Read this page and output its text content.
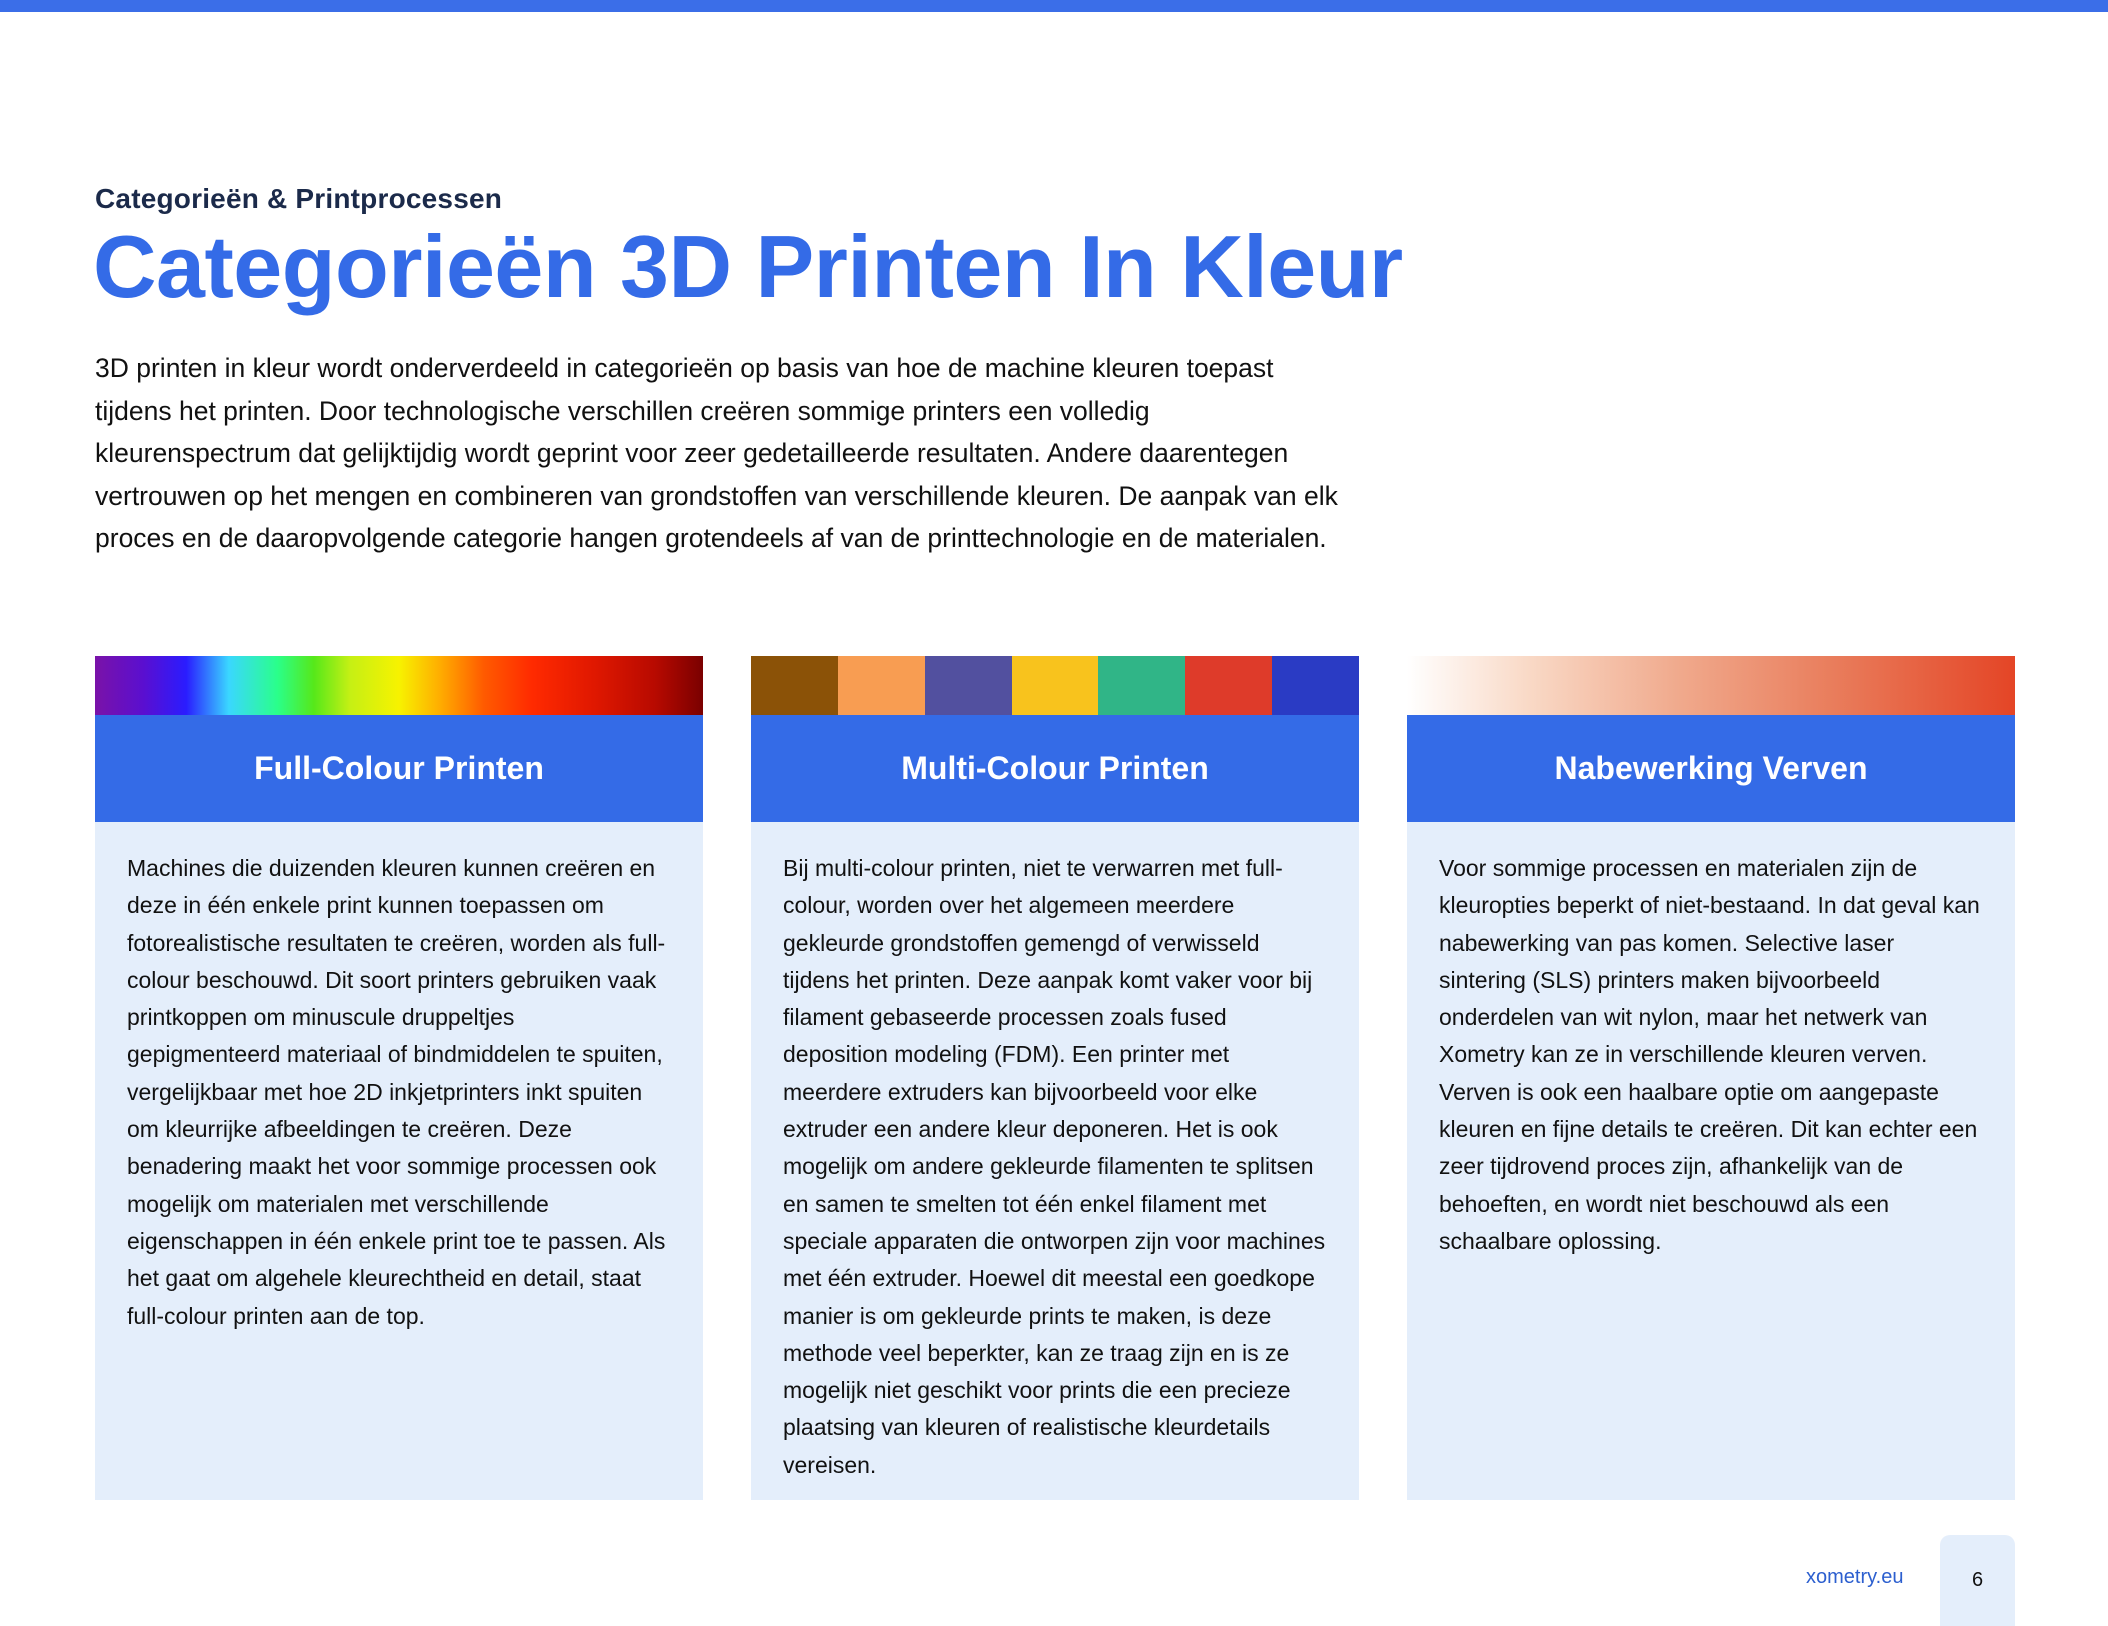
Categorieën & Printprocessen
Categorieën 3D Printen In Kleur
3D printen in kleur wordt onderverdeeld in categorieën op basis van hoe de machine kleuren toepast tijdens het printen. Door technologische verschillen creëren sommige printers een volledig kleurenspectrum dat gelijktijdig wordt geprint voor zeer gedetailleerde resultaten. Andere daarentegen vertrouwen op het mengen en combineren van grondstoffen van verschillende kleuren. De aanpak van elk proces en de daaropvolgende categorie hangen grotendeels af van de printtechnologie en de materialen.
Full-Colour Printen
Machines die duizenden kleuren kunnen creëren en deze in één enkele print kunnen toepassen om fotorealistische resultaten te creëren, worden als full-colour beschouwd. Dit soort printers gebruiken vaak printkoppen om minuscule druppeltjes gepigmenteerd materiaal of bindmiddelen te spuiten, vergelijkbaar met hoe 2D inkjetprinters inkt spuiten om kleurrijke afbeeldingen te creëren. Deze benadering maakt het voor sommige processen ook mogelijk om materialen met verschillende eigenschappen in één enkele print toe te passen. Als het gaat om algehele kleurechtheid en detail, staat full-colour printen aan de top.
Multi-Colour Printen
Bij multi-colour printen, niet te verwarren met full-colour, worden over het algemeen meerdere gekleurde grondstoffen gemengd of verwisseld tijdens het printen. Deze aanpak komt vaker voor bij filament gebaseerde processen zoals fused deposition modeling (FDM). Een printer met meerdere extruders kan bijvoorbeeld voor elke extruder een andere kleur deponeren. Het is ook mogelijk om andere gekleurde filamenten te splitsen en samen te smelten tot één enkel filament met speciale apparaten die ontworpen zijn voor machines met één extruder. Hoewel dit meestal een goedkope manier is om gekleurde prints te maken, is deze methode veel beperkter, kan ze traag zijn en is ze mogelijk niet geschikt voor prints die een precieze plaatsing van kleuren of realistische kleurdetails vereisen.
Nabewerking Verven
Voor sommige processen en materialen zijn de kleuropties beperkt of niet-bestaand. In dat geval kan nabewerking van pas komen. Selective laser sintering (SLS) printers maken bijvoorbeeld onderdelen van wit nylon, maar het netwerk van Xometry kan ze in verschillende kleuren verven. Verven is ook een haalbare optie om aangepaste kleuren en fijne details te creëren. Dit kan echter een zeer tijdrovend proces zijn, afhankelijk van de behoeften, en wordt niet beschouwd als een schaalbare oplossing.
xometry.eu	6
